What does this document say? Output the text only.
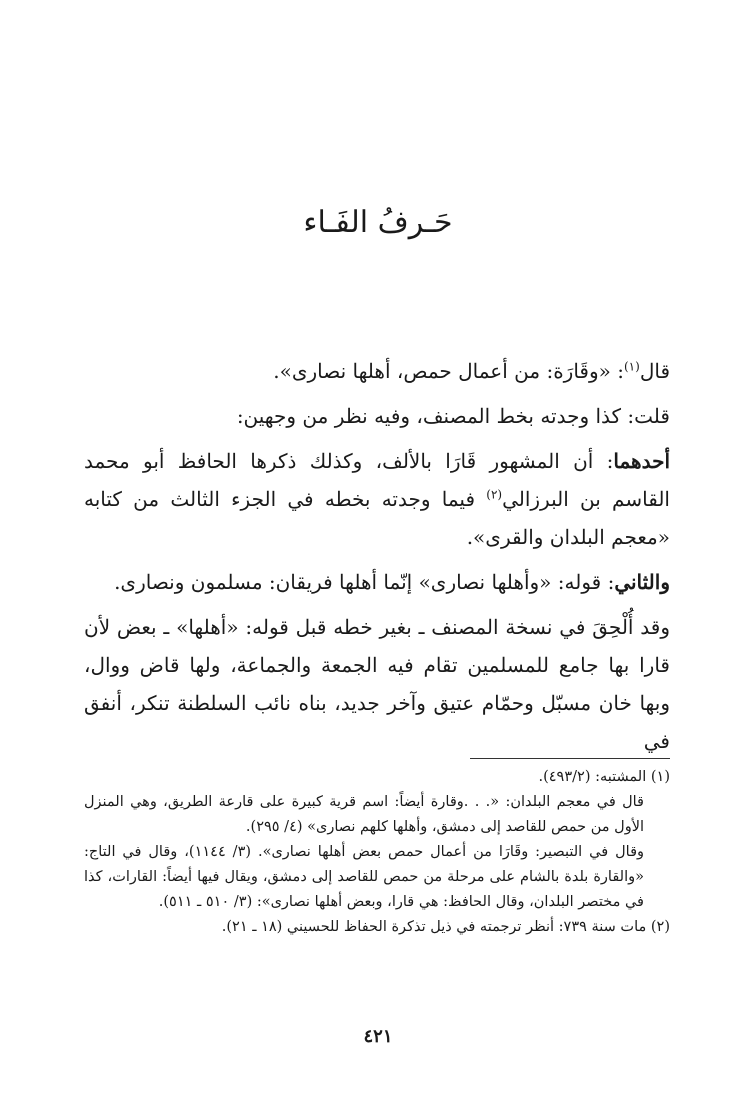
حَـرفُ الفَـاء

قال$^{(١)}$: «وقَارَة: من أعمال حمص، أهلها نصارى».

قلت: كذا وجدته بخط المصنف، وفيه نظر من وجهين:

أحدهما: أن المشهور قَارَا بالألف، وكذلك ذكرها الحافظ أبو محمد القاسم بن البرزالي$^{(٢)}$ فيما وجدته بخطه في الجزء الثالث من كتابه «معجم البلدان والقرى».

والثاني: قوله: «وأهلها نصارى» إنّما أهلها فريقان: مسلمون ونصارى.

وقد أُلْحِقَ في نسخة المصنف ـ بغير خطه قبل قوله: «أهلها» ـ بعض لأن قارا بها جامع للمسلمين تقام فيه الجمعة والجماعة، ولها قاض ووال، وبها خان مسبّل وحمّام عتيق وآخر جديد، بناه نائب السلطنة تنكر، أنفق في

(١) المشتبه: (٤٩٣/٢).

قال في معجم البلدان: «. . .وقارة أيضاً: اسم قرية كبيرة على قارعة الطريق، وهي المنزل الأول من حمص للقاصد إلى دمشق، وأهلها كلهم نصارى» (٤/ ٢٩٥).

وقال في التبصير: وقَارَا من أعمال حمص بعض أهلها نصارى». (٣/ ١١٤٤)، وقال في التاج: «والقارة بلدة بالشام على مرحلة من حمص للقاصد إلى دمشق، ويقال فيها أيضاً: القارات، كذا في مختصر البلدان، وقال الحافظ: هي قارا، وبعض أهلها نصارى»: (٣/ ٥١٠ ـ ٥١١).

(٢) مات سنة ٧٣٩: أنظر ترجمته في ذيل تذكرة الحفاظ للحسيني (١٨ ـ ٢١).

٤٢١
